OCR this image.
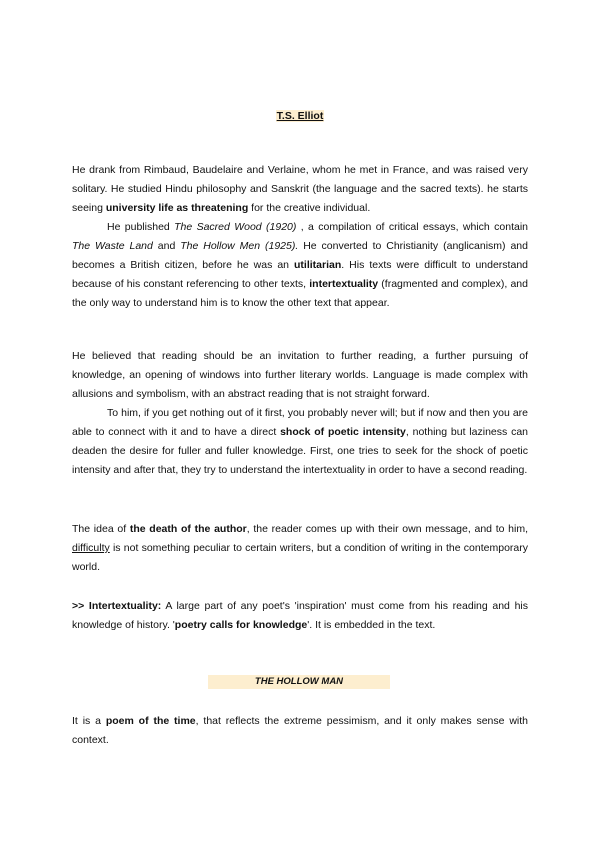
T.S. Elliot

He drank from Rimbaud, Baudelaire and Verlaine, whom he met in France, and was raised very solitary. He studied Hindu philosophy and Sanskrit (the language and the sacred texts). he starts seeing university life as threatening for the creative individual.

He published The Sacred Wood (1920) , a compilation of critical essays, which contain The Waste Land and The Hollow Men (1925). He converted to Christianity (anglicanism) and becomes a British citizen, before he was an utilitarian. His texts were difficult to understand because of his constant referencing to other texts, intertextuality (fragmented and complex), and the only way to understand him is to know the other text that appear.

He believed that reading should be an invitation to further reading, a further pursuing of knowledge, an opening of windows into further literary worlds. Language is made complex with allusions and symbolism, with an abstract reading that is not straight forward.

To him, if you get nothing out of it first, you probably never will; but if now and then you are able to connect with it and to have a direct shock of poetic intensity, nothing but laziness can deaden the desire for fuller and fuller knowledge. First, one tries to seek for the shock of poetic intensity and after that, they try to understand the intertextuality in order to have a second reading.

The idea of the death of the author, the reader comes up with their own message, and to him, difficulty is not something peculiar to certain writers, but a condition of writing in the contemporary world.

>> Intertextuality: A large part of any poet's 'inspiration' must come from his reading and his knowledge of history. 'poetry calls for knowledge'. It is embedded in the text.

THE HOLLOW MAN

It is a poem of the time, that reflects the extreme pessimism, and it only makes sense with context.
